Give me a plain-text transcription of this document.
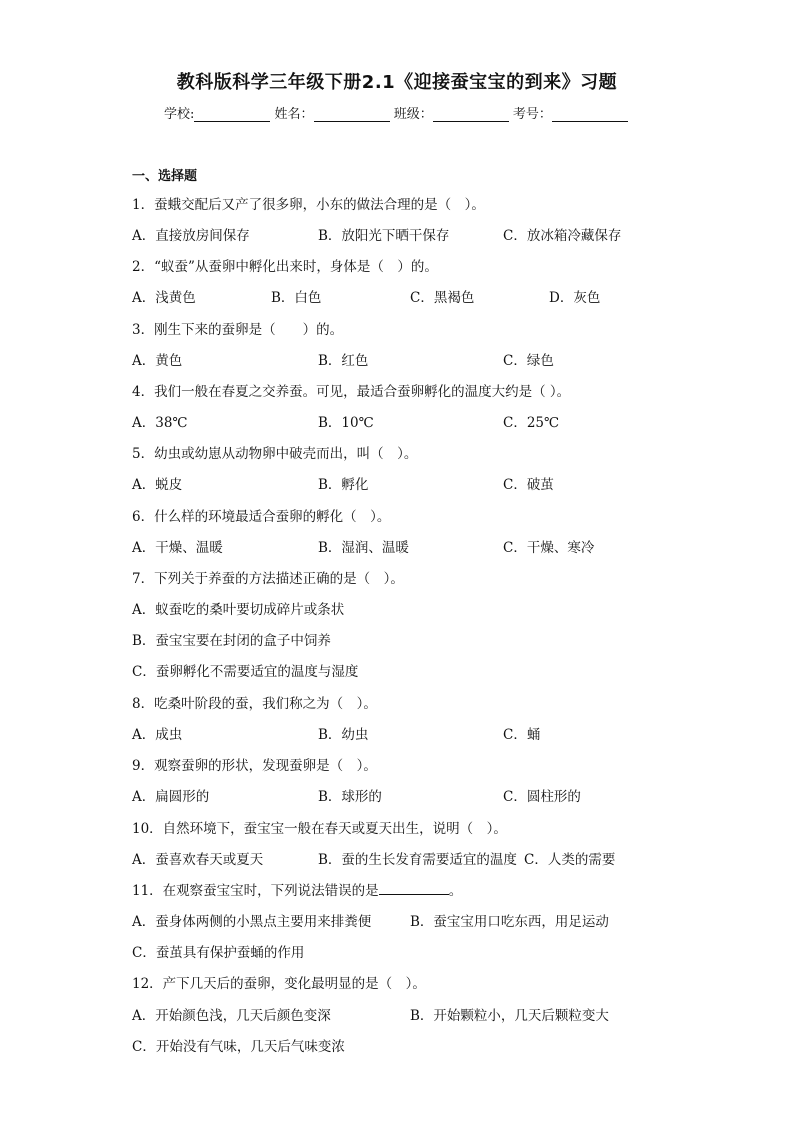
教科版科学三年级下册2.1《迎接蚕宝宝的到来》习题
学校:	姓名：	班级：	考号：
一、选择题
1．蚕蛾交配后又产了很多卵，小东的做法合理的是（　）。
A．直接放房间保存	B．放阳光下晒干保存	C．放冰箱冷藏保存
2．“蚁蚕”从蚕卵中孵化出来时，身体是（　）的。
A．浅黄色	B．白色	C．黑褐色	D．灰色
3．刚生下来的蚕卵是（　　）的。
A．黄色	B．红色	C．绿色
4．我们一般在春夏之交养蚕。可见，最适合蚕卵孵化的温度大约是（ ）。
A．38℃	B．10℃	C．25℃
5．幼虫或幼崽从动物卵中破壳而出，叫（　）。
A．蜕皮	B．孵化	C．破茧
6．什么样的环境最适合蚕卵的孵化（　）。
A．干燥、温暖	B．湿润、温暖	C．干燥、寒冷
7．下列关于养蚕的方法描述正确的是（　）。
A．蚁蚕吃的桑叶要切成碎片或条状
B．蚕宝宝要在封闭的盒子中饲养
C．蚕卵孵化不需要适宜的温度与湿度
8．吃桑叶阶段的蚕，我们称之为（　）。
A．成虫	B．幼虫	C．蛹
9．观察蚕卵的形状，发现蚕卵是（　）。
A．扁圆形的	B．球形的	C．圆柱形的
10．自然环境下，蚕宝宝一般在春天或夏天出生，说明（　）。
A．蚕喜欢春天或夏天	B．蚕的生长发育需要适宜的温度 C．人类的需要
11．在观察蚕宝宝时，下列说法错误的是	。
A．蚕身体两侧的小黑点主要用来排粪便	B．蚕宝宝用口吃东西，用足运动
C．蚕茧具有保护蚕蛹的作用
12．产下几天后的蚕卵，变化最明显的是（　）。
A．开始颜色浅，几天后颜色变深	B．开始颗粒小，几天后颗粒变大
C．开始没有气味，几天后气味变浓
